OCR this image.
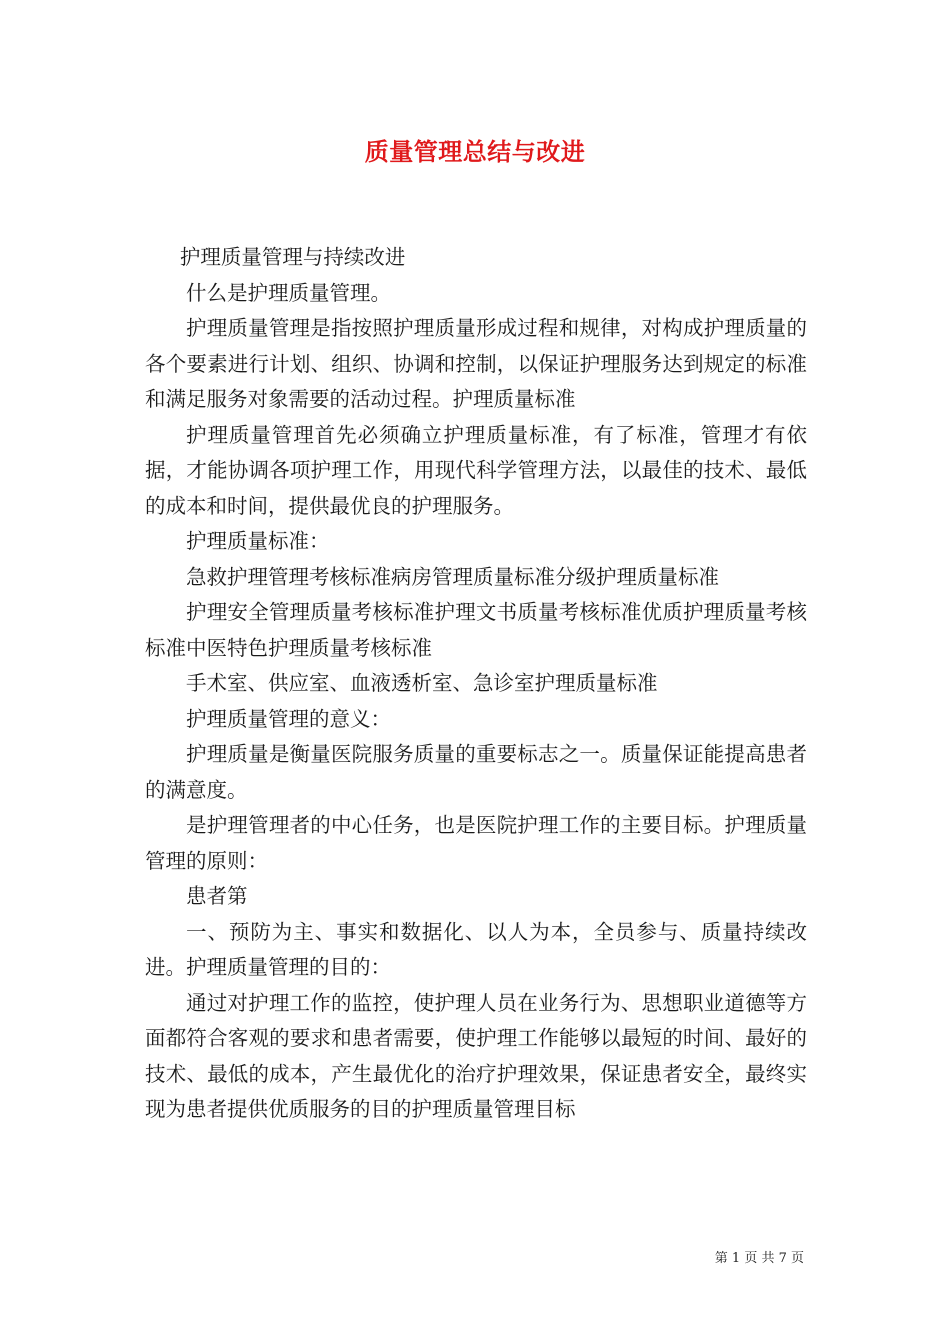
质量管理总结与改进

护理质量管理与持续改进

什么是护理质量管理。

护理质量管理是指按照护理质量形成过程和规律，对构成护理质量的各个要素进行计划、组织、协调和控制，以保证护理服务达到规定的标准和满足服务对象需要的活动过程。护理质量标准

护理质量管理首先必须确立护理质量标准，有了标准，管理才有依据，才能协调各项护理工作，用现代科学管理方法，以最佳的技术、最低的成本和时间，提供最优良的护理服务。

护理质量标准：

急救护理管理考核标准病房管理质量标准分级护理质量标准

护理安全管理质量考核标准护理文书质量考核标准优质护理质量考核标准中医特色护理质量考核标准

手术室、供应室、血液透析室、急诊室护理质量标准

护理质量管理的意义：

护理质量是衡量医院服务质量的重要标志之一。质量保证能提高患者的满意度。

是护理管理者的中心任务，也是医院护理工作的主要目标。护理质量管理的原则：

患者第

一、预防为主、事实和数据化、以人为本，全员参与、质量持续改进。护理质量管理的目的：

通过对护理工作的监控，使护理人员在业务行为、思想职业道德等方面都符合客观的要求和患者需要，使护理工作能够以最短的时间、最好的技术、最低的成本，产生最优化的治疗护理效果，保证患者安全，最终实现为患者提供优质服务的目的护理质量管理目标

第 1 页 共 7 页
